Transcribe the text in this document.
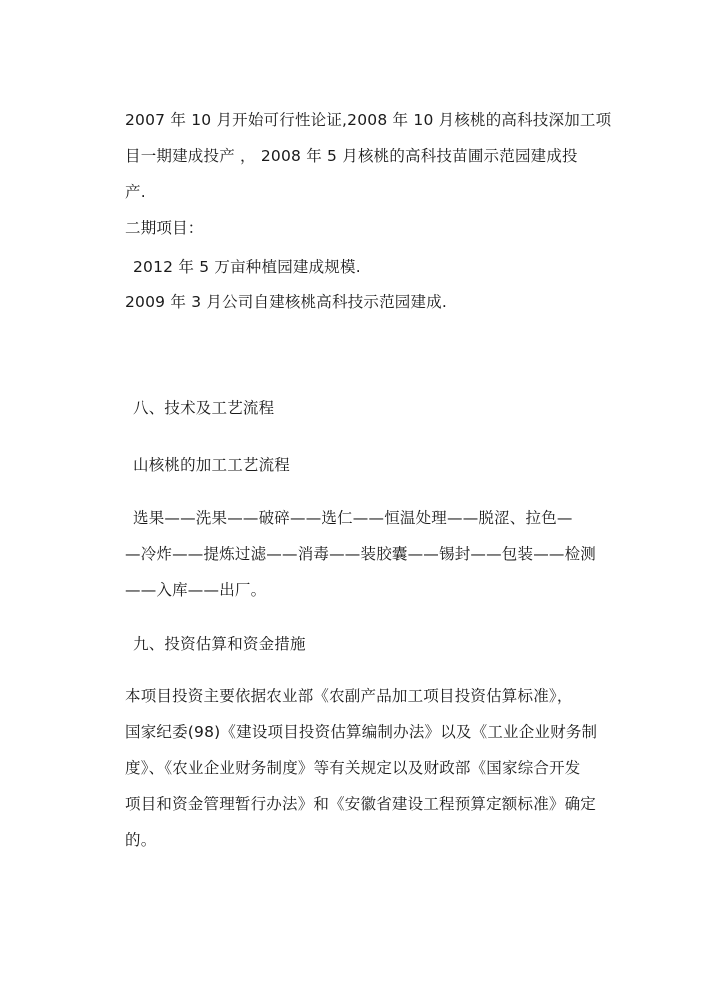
2007 年 10 月开始可行性论证,2008 年 10 月核桃的高科技深加工项
目一期建成投产 ， 2008 年 5 月核桃的高科技苗圃示范园建成投
产.
二期项目：
2012 年 5 万亩种植园建成规模.
2009 年 3 月公司自建核桃高科技示范园建成.
八、技术及工艺流程
山核桃的加工工艺流程
选果——洗果——破碎——选仁——恒温处理——脱涩、拉色—
—冷炸——提炼过滤——消毒——装胶囊——锡封——包装——检测
——入库——出厂。
九、投资估算和资金措施
本项目投资主要依据农业部《农副产品加工项目投资估算标准》，
国家纪委(98)《建设项目投资估算编制办法》以及《工业企业财务制
度》、《农业企业财务制度》等有关规定以及财政部《国家综合开发
项目和资金管理暂行办法》和《安徽省建设工程预算定额标准》确定
的。
